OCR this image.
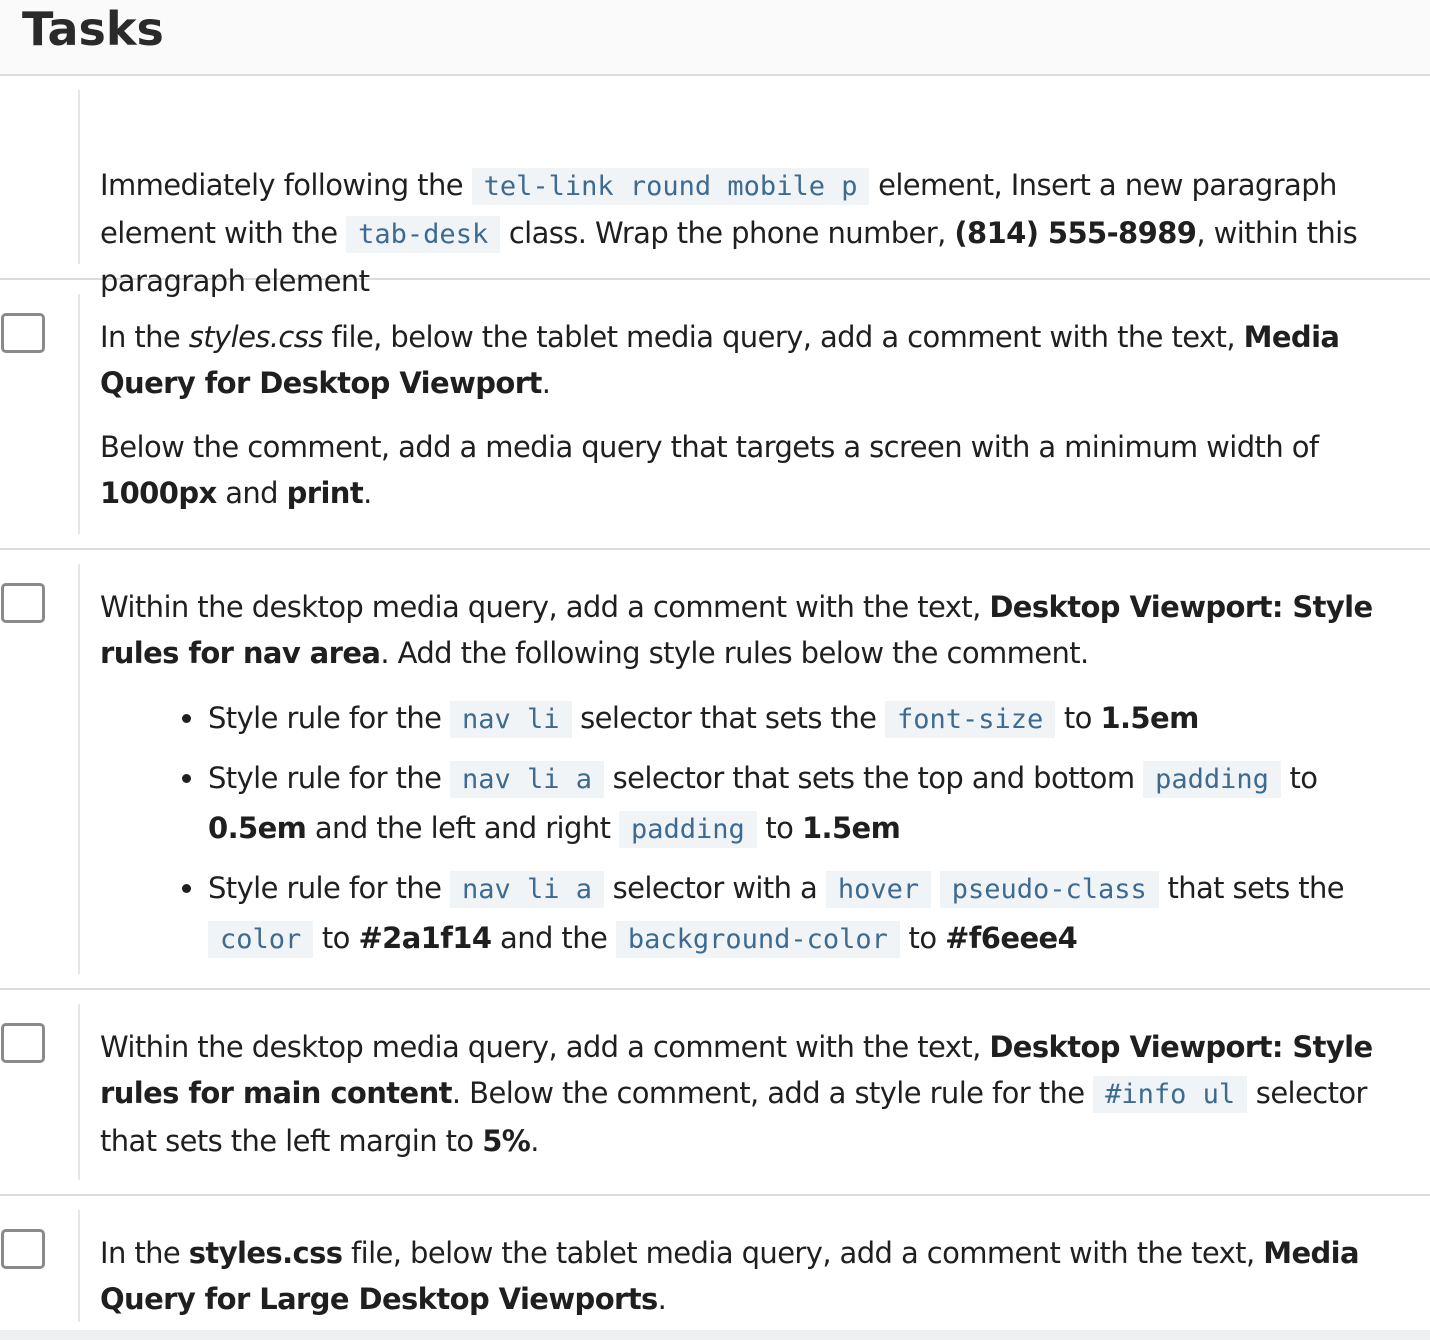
Tasks

Immediately following the tel-link round mobile p element, Insert a new paragraph element with the tab-desk class. Wrap the phone number, (814) 555-8989, within this paragraph element

In the styles.css file, below the tablet media query, add a comment with the text, Media Query for Desktop Viewport.

Below the comment, add a media query that targets a screen with a minimum width of 1000px and print.

Within the desktop media query, add a comment with the text, Desktop Viewport: Style rules for nav area. Add the following style rules below the comment.

Style rule for the nav li selector that sets the font-size to 1.5em
Style rule for the nav li a selector that sets the top and bottom padding to 0.5em and the left and right padding to 1.5em
Style rule for the nav li a selector with a hover pseudo-class that sets the color to #2a1f14 and the background-color to #f6eee4

Within the desktop media query, add a comment with the text, Desktop Viewport: Style rules for main content. Below the comment, add a style rule for the #info ul selector that sets the left margin to 5%.

In the styles.css file, below the tablet media query, add a comment with the text, Media Query for Large Desktop Viewports.
